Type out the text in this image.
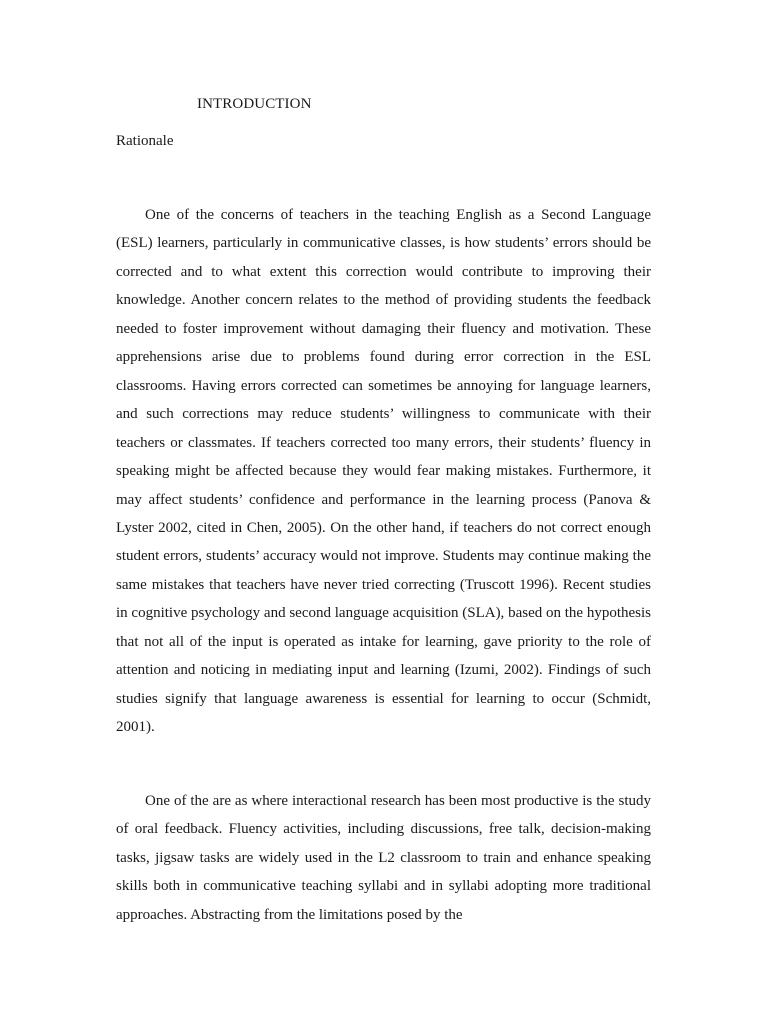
INTRODUCTION
Rationale

One of the concerns of teachers in the teaching English as a Second Language (ESL) learners, particularly in communicative classes, is how students’ errors should be corrected and to what extent this correction would contribute to improving their knowledge. Another concern relates to the method of providing students the feedback needed to foster improvement without damaging their fluency and motivation. These apprehensions arise due to problems found during error correction in the ESL classrooms. Having errors corrected can sometimes be annoying for language learners, and such corrections may reduce students’ willingness to communicate with their teachers or classmates. If teachers corrected too many errors, their students’ fluency in speaking might be affected because they would fear making mistakes. Furthermore, it may affect students’ confidence and performance in the learning process (Panova & Lyster 2002, cited in Chen, 2005). On the other hand, if teachers do not correct enough student errors, students’ accuracy would not improve. Students may continue making the same mistakes that teachers have never tried correcting (Truscott 1996). Recent studies in cognitive psychology and second language acquisition (SLA), based on the hypothesis that not all of the input is operated as intake for learning, gave priority to the role of attention and noticing in mediating input and learning (Izumi, 2002). Findings of such studies signify that language awareness is essential for learning to occur (Schmidt, 2001).

One of the are as where interactional research has been most productive is the study of oral feedback. Fluency activities, including discussions, free talk, decision-making tasks, jigsaw tasks are widely used in the L2 classroom to train and enhance speaking skills both in communicative teaching syllabi and in syllabi adopting more traditional approaches. Abstracting from the limitations posed by the
